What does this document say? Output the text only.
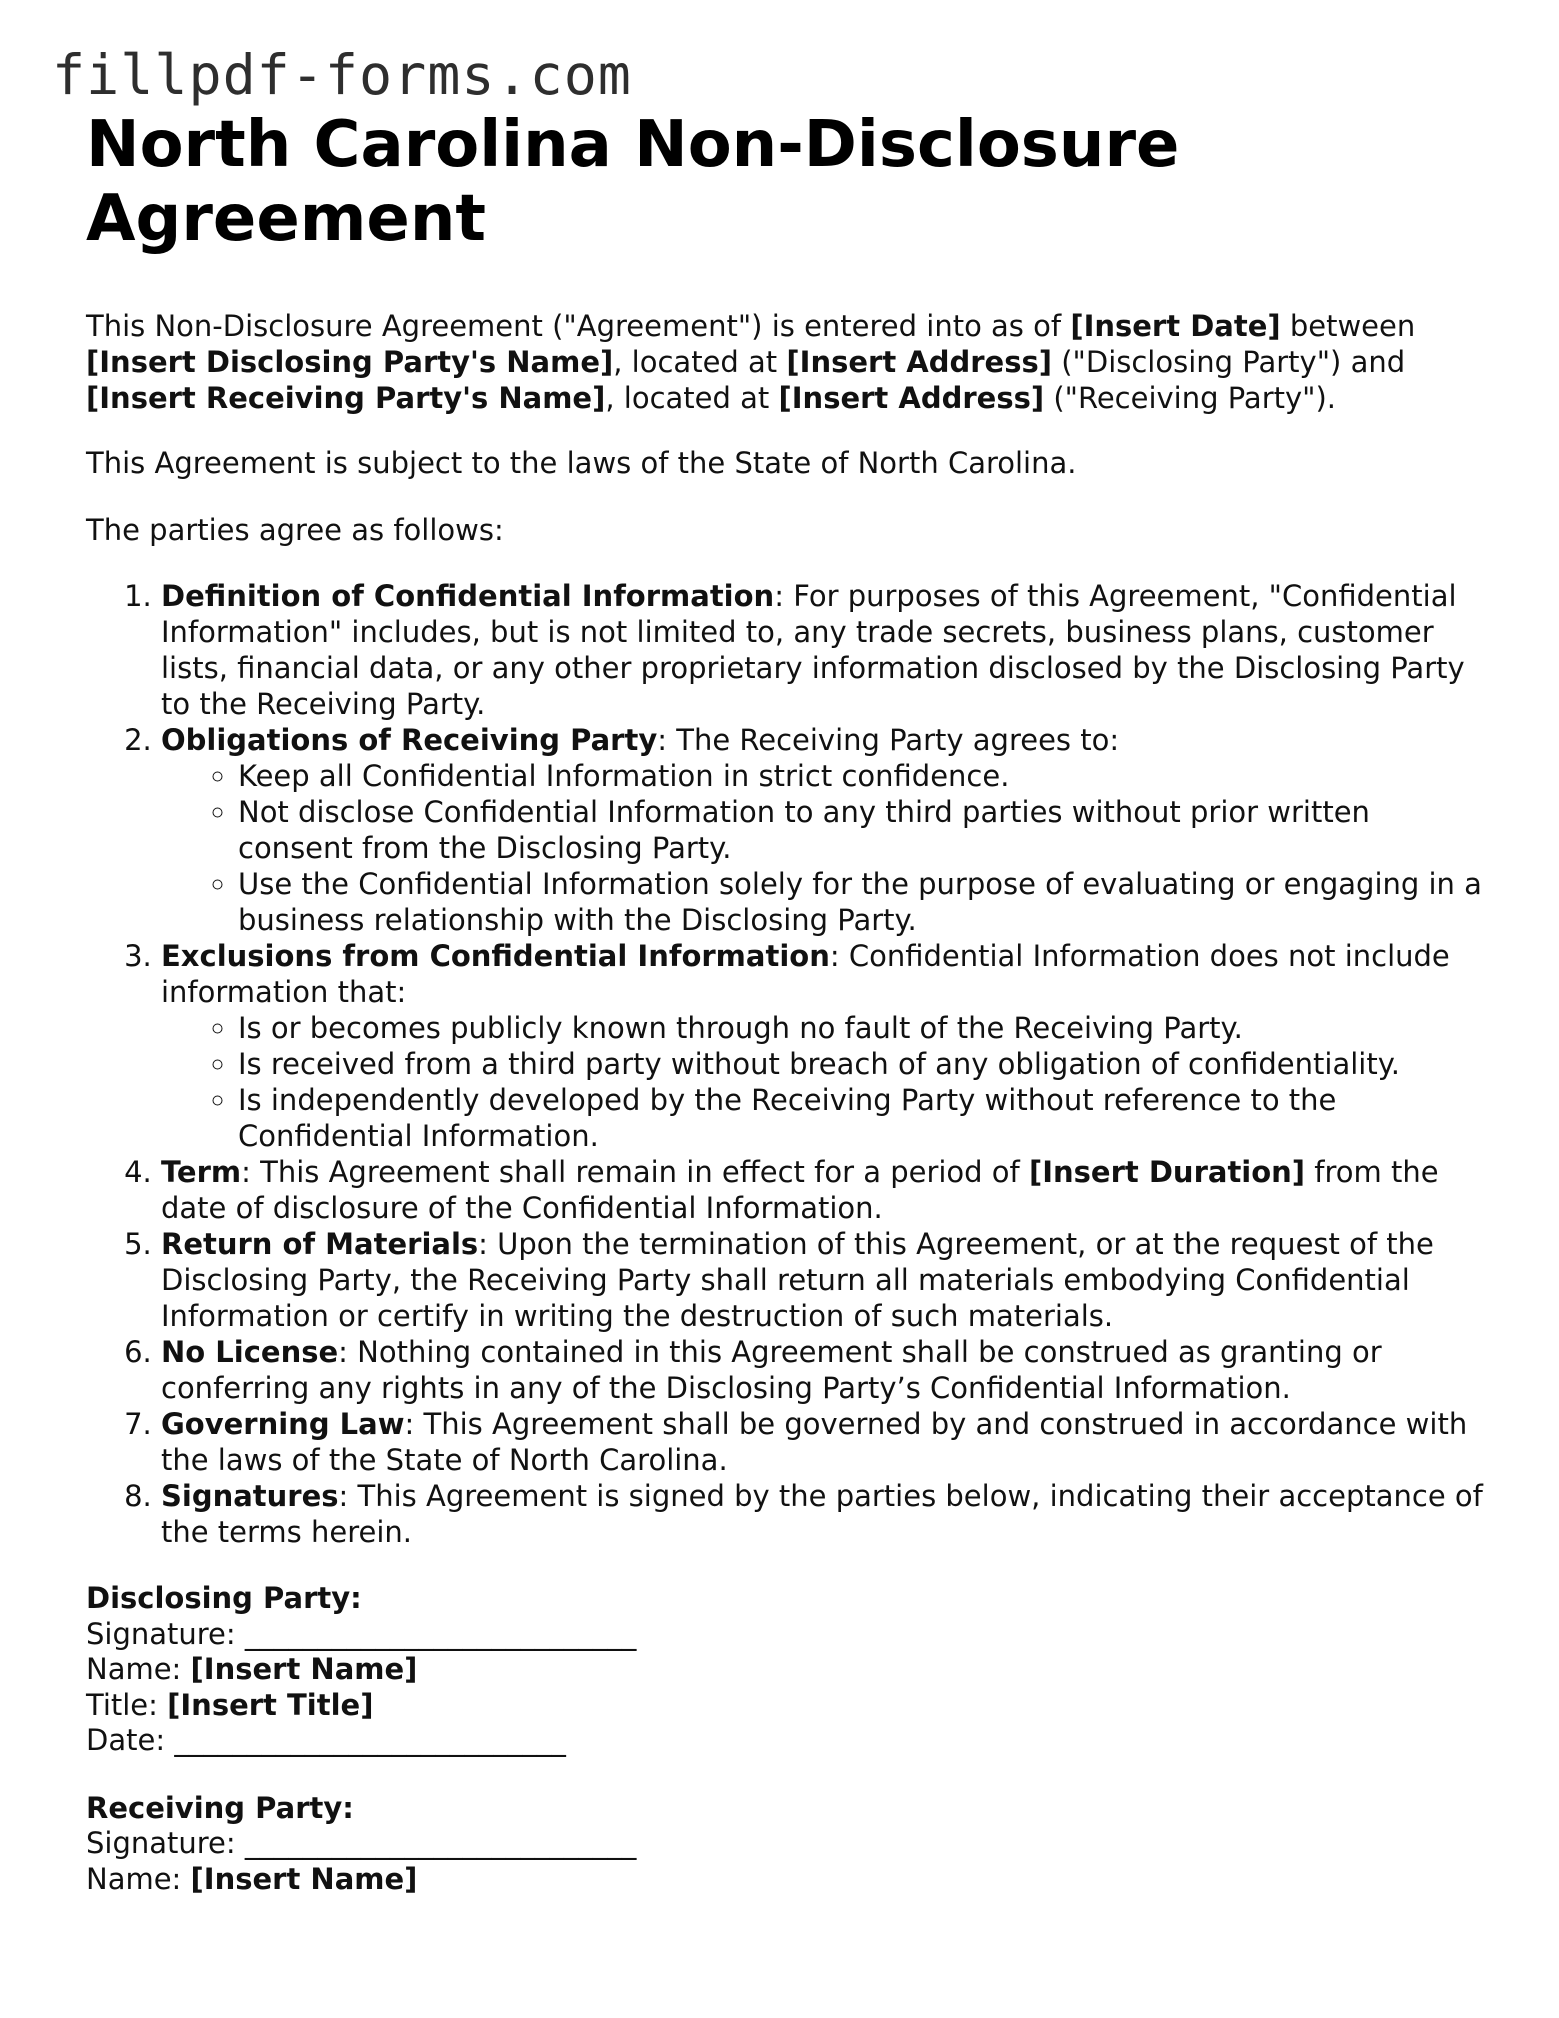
fillpdf-forms.com
North Carolina Non-Disclosure Agreement

This Non-Disclosure Agreement ("Agreement") is entered into as of [Insert Date] between [Insert Disclosing Party's Name], located at [Insert Address] ("Disclosing Party") and [Insert Receiving Party's Name], located at [Insert Address] ("Receiving Party").

This Agreement is subject to the laws of the State of North Carolina.

The parties agree as follows:

1. Definition of Confidential Information: For purposes of this Agreement, "Confidential Information" includes, but is not limited to, any trade secrets, business plans, customer lists, financial data, or any other proprietary information disclosed by the Disclosing Party to the Receiving Party.
2. Obligations of Receiving Party: The Receiving Party agrees to:
◦ Keep all Confidential Information in strict confidence.
◦ Not disclose Confidential Information to any third parties without prior written consent from the Disclosing Party.
◦ Use the Confidential Information solely for the purpose of evaluating or engaging in a business relationship with the Disclosing Party.
3. Exclusions from Confidential Information: Confidential Information does not include information that:
◦ Is or becomes publicly known through no fault of the Receiving Party.
◦ Is received from a third party without breach of any obligation of confidentiality.
◦ Is independently developed by the Receiving Party without reference to the Confidential Information.
4. Term: This Agreement shall remain in effect for a period of [Insert Duration] from the date of disclosure of the Confidential Information.
5. Return of Materials: Upon the termination of this Agreement, or at the request of the Disclosing Party, the Receiving Party shall return all materials embodying Confidential Information or certify in writing the destruction of such materials.
6. No License: Nothing contained in this Agreement shall be construed as granting or conferring any rights in any of the Disclosing Party’s Confidential Information.
7. Governing Law: This Agreement shall be governed by and construed in accordance with the laws of the State of North Carolina.
8. Signatures: This Agreement is signed by the parties below, indicating their acceptance of the terms herein.
Disclosing Party:
Signature: ___________________________
Name: [Insert Name]
Title: [Insert Title]
Date: ___________________________
Receiving Party:
Signature: ___________________________
Name: [Insert Name]
